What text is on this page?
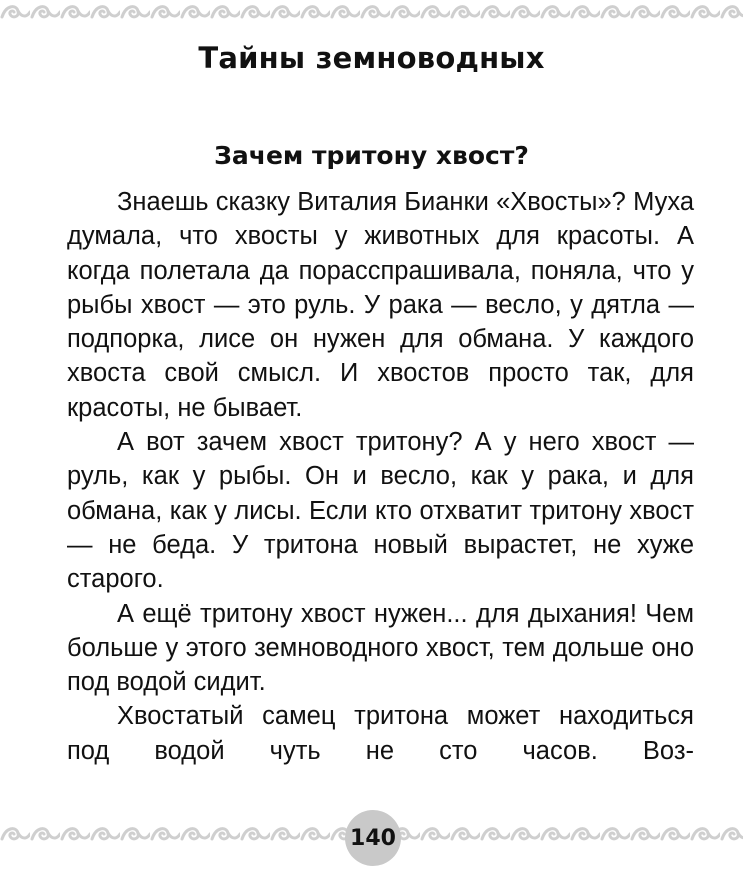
Тайны земноводных
Зачем тритону хвост?

Знаешь сказку Виталия Бианки «Хвосты»? Муха думала, что хвосты у животных для красоты. А когда полетала да порасспрашивала, поняла, что у рыбы хвост — это руль. У рака — весло, у дятла — подпорка, лисе он нужен для обмана. У каждого хвоста свой смысл. И хвостов просто так, для красоты, не бывает.

А вот зачем хвост тритону? А у него хвост — руль, как у рыбы. Он и весло, как у рака, и для обмана, как у лисы. Если кто отхватит тритону хвост — не беда. У тритона новый вырастет, не хуже старого.

А ещё тритону хвост нужен... для дыхания! Чем больше у этого земноводного хвост, тем дольше оно под водой сидит.

Хвостатый самец тритона может находиться под водой чуть не сто часов. Воз-

140
